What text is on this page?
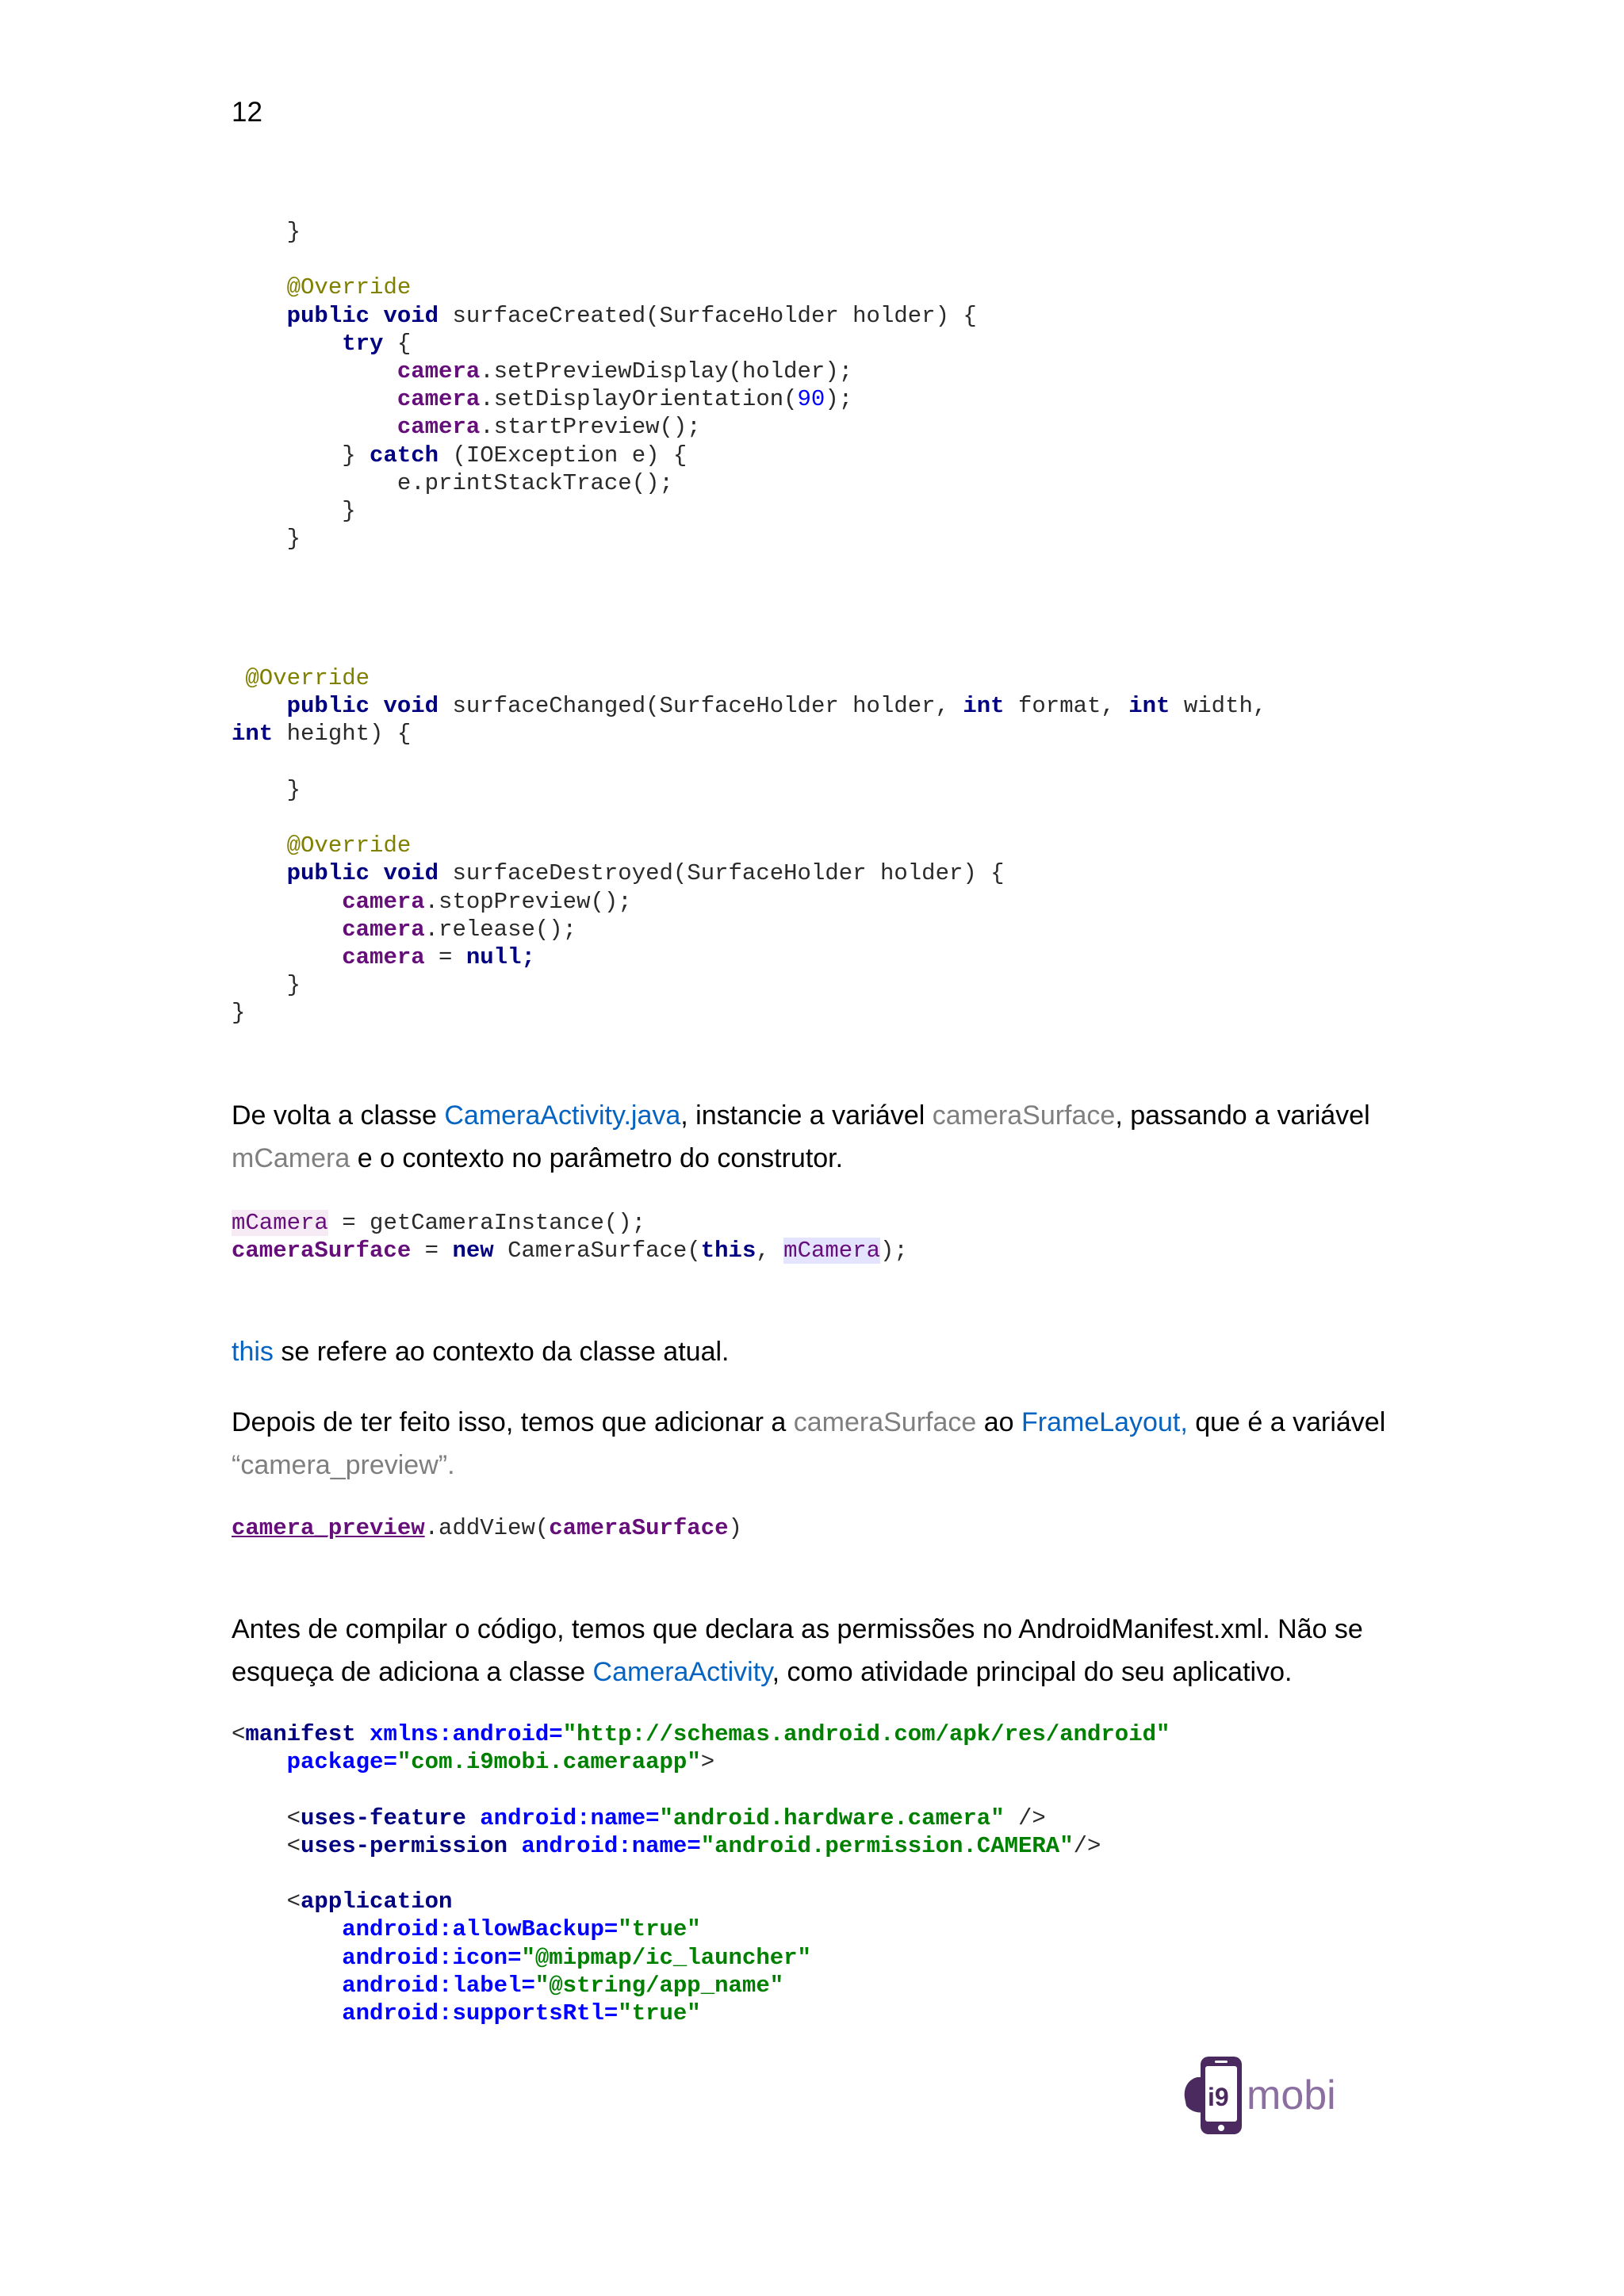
12
}

@Override
public void surfaceCreated(SurfaceHolder holder) {
try {
camera.setPreviewDisplay(holder);
camera.setDisplayOrientation(90);
camera.startPreview();
} catch (IOException e) {
e.printStackTrace();
}
}
@Override
public void surfaceChanged(SurfaceHolder holder, int format, int width,
int height) {

}

@Override
public void surfaceDestroyed(SurfaceHolder holder) {
camera.stopPreview();
camera.release();
camera = null;
}
}

De volta a classe CameraActivity.java, instancie a variável cameraSurface, passando a variável mCamera e o contexto no parâmetro do construtor.

mCamera = getCameraInstance();
cameraSurface = new CameraSurface(this, mCamera);

this se refere ao contexto da classe atual.

Depois de ter feito isso, temos que adicionar a cameraSurface ao FrameLayout, que é a variável “camera_preview”.

camera_preview.addView(cameraSurface)

Antes de compilar o código, temos que declara as permissões no AndroidManifest.xml. Não se esqueça de adiciona a classe CameraActivity, como atividade principal do seu aplicativo.

<manifest xmlns:android="http://schemas.android.com/apk/res/android"
package="com.i9mobi.cameraapp">

<uses-feature android:name="android.hardware.camera" />
<uses-permission android:name="android.permission.CAMERA"/>

<application
android:allowBackup="true"
android:icon="@mipmap/ic_launcher"
android:label="@string/app_name"
android:supportsRtl="true"
i9 mobi
